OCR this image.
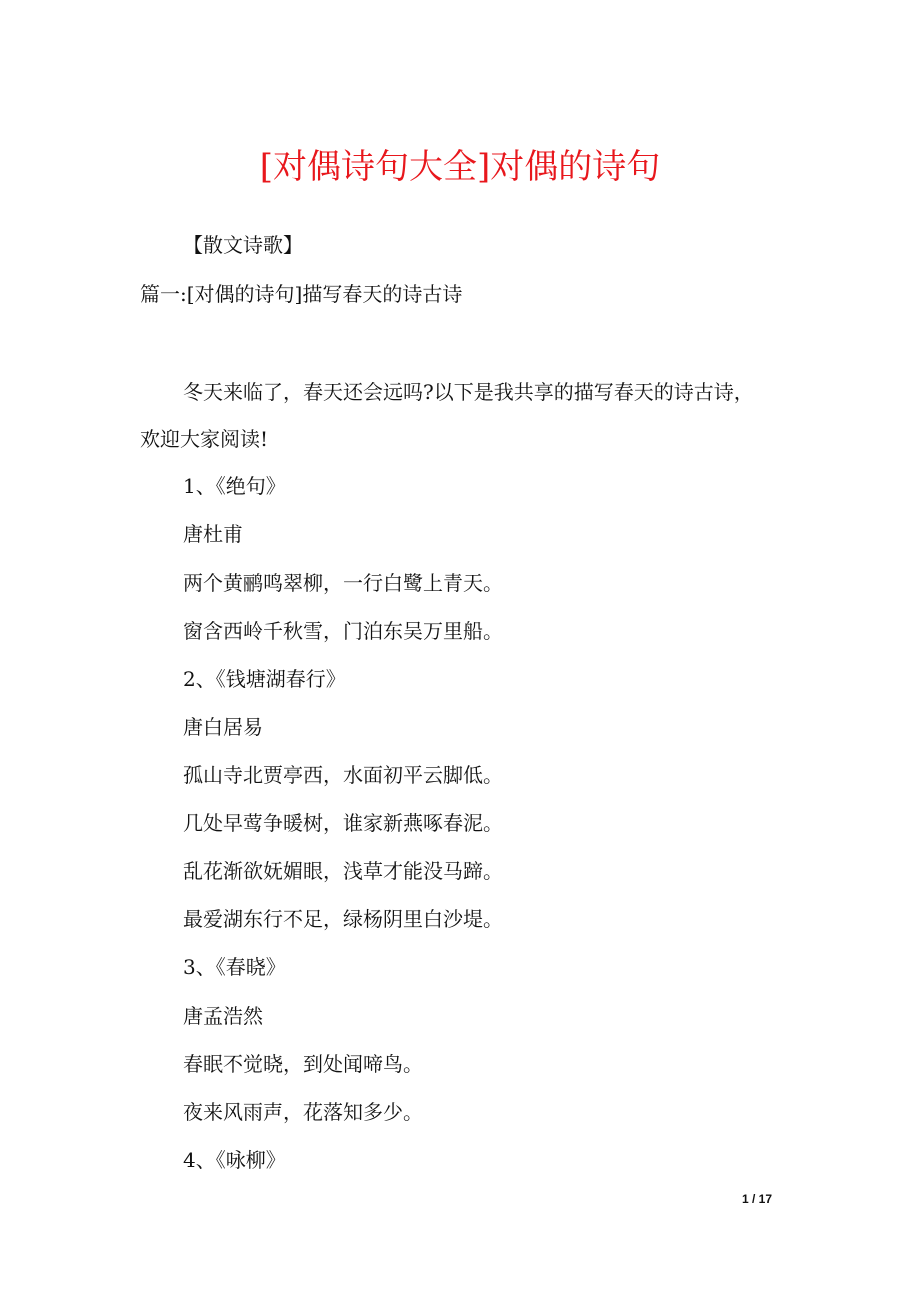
[对偶诗句大全]对偶的诗句
【散文诗歌】
篇一:[对偶的诗句]描写春天的诗古诗
冬天来临了，春天还会远吗?以下是我共享的描写春天的诗古诗，
欢迎大家阅读!
1、《绝句》
唐杜甫
两个黄鹂鸣翠柳，一行白鹭上青天。
窗含西岭千秋雪，门泊东吴万里船。
2、《钱塘湖春行》
唐白居易
孤山寺北贾亭西，水面初平云脚低。
几处早莺争暖树，谁家新燕啄春泥。
乱花渐欲妩媚眼，浅草才能没马蹄。
最爱湖东行不足，绿杨阴里白沙堤。
3、《春晓》
唐孟浩然
春眠不觉晓，到处闻啼鸟。
夜来风雨声，花落知多少。
4、《咏柳》
1 / 17
